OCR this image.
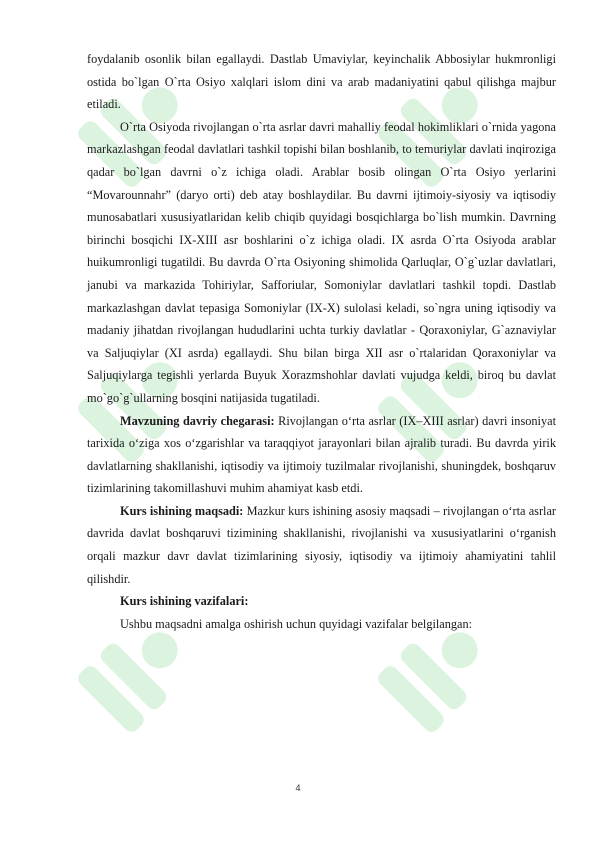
foydalanib osonlik bilan egallaydi. Dastlab Umaviylar, keyinchalik Abbosiylar hukmronligi ostida bo`lgan O`rta Osiyo xalqlari islom dini va arab madaniyatini qabul qilishga majbur etiladi.

O`rta Osiyoda rivojlangan o`rta asrlar davri mahalliy feodal hokimliklari o`rnida yagona markazlashgan feodal davlatlari tashkil topishi bilan boshlanib, to temuriylar davlati inqiroziga qadar bo`lgan davrni o`z ichiga oladi. Arablar bosib olingan O`rta Osiyo yerlarini “Movarounnahr” (daryo orti) deb atay boshlaydilar. Bu davrni ijtimoiy-siyosiy va iqtisodiy munosabatlari xususiyatlaridan kelib chiqib quyidagi bosqichlarga bo`lish mumkin. Davrning birinchi bosqichi IX-XIII asr boshlarini o`z ichiga oladi. IX asrda O`rta Osiyoda arablar huikumronligi tugatildi. Bu davrda O`rta Osiyoning shimolida Qarluqlar, O`g`uzlar davlatlari, janubi va markazida Tohiriylar, Safforiular, Somoniylar davlatlari tashkil topdi. Dastlab markazlashgan davlat tepasiga Somoniylar (IX-X) sulolasi keladi, so`ngra uning iqtisodiy va madaniy jihatdan rivojlangan hududlarini uchta turkiy davlatlar - Qoraxoniylar, G`aznaviylar va Saljuqiylar (XI asrda) egallaydi. Shu bilan birga XII asr o`rtalaridan Qoraxoniylar va Saljuqiylarga tegishli yerlarda Buyuk Xorazmshohlar davlati vujudga keldi, biroq bu davlat mo`go`g`ullarning bosqini natijasida tugatiladi.

Mavzuning davriy chegarasi: Rivojlangan o‘rta asrlar (IX–XIII asrlar) davri insoniyat tarixida o‘ziga xos o‘zgarishlar va taraqqiyot jarayonlari bilan ajralib turadi. Bu davrda yirik davlatlarning shakllanishi, iqtisodiy va ijtimoiy tuzilmalar rivojlanishi, shuningdek, boshqaruv tizimlarining takomillashuvi muhim ahamiyat kasb etdi.

Kurs ishining maqsadi: Mazkur kurs ishining asosiy maqsadi – rivojlangan o‘rta asrlar davrida davlat boshqaruvi tizimining shakllanishi, rivojlanishi va xususiyatlarini o‘rganish orqali mazkur davr davlat tizimlarining siyosiy, iqtisodiy va ijtimoiy ahamiyatini tahlil qilishdir.

Kurs ishining vazifalari:

Ushbu maqsadni amalga oshirish uchun quyidagi vazifalar belgilangan:

4
